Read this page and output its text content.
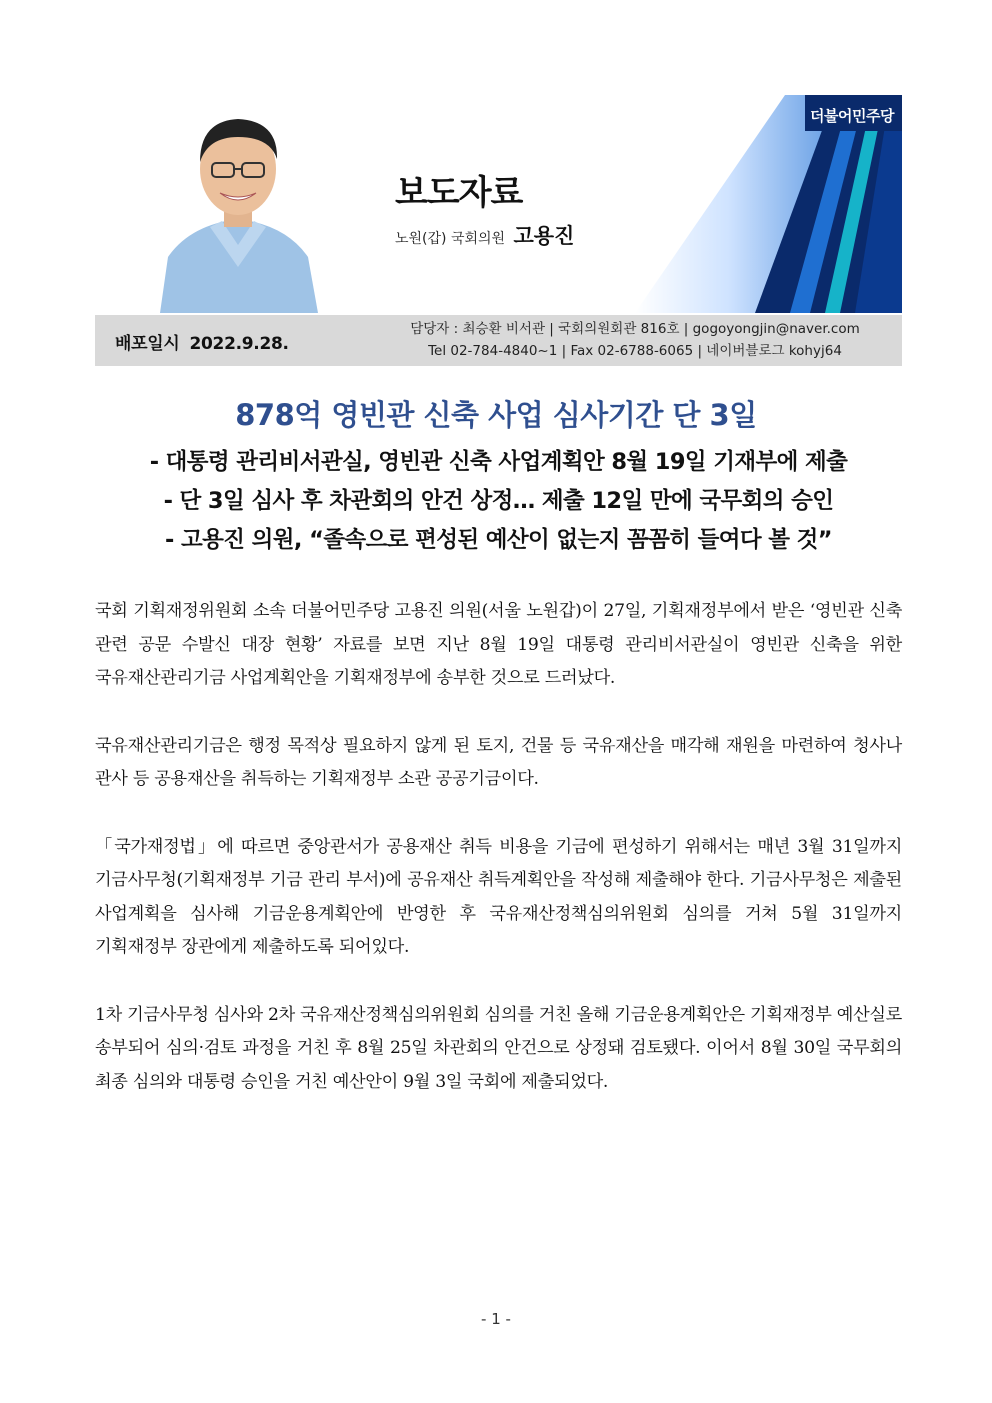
보도자료
노원(갑) 국회의원 고용진
더불어민주당
배포일시 2022.9.28.
담당자 : 최승환 비서관 | 국회의원회관 816호 | gogoyongjin@naver.com
Tel 02-784-4840~1 | Fax 02-6788-6065 | 네이버블로그 kohyj64
878억 영빈관 신축 사업 심사기간 단 3일
- 대통령 관리비서관실, 영빈관 신축 사업계획안 8월 19일 기재부에 제출
- 단 3일 심사 후 차관회의 안건 상정… 제출 12일 만에 국무회의 승인
- 고용진 의원, “졸속으로 편성된 예산이 없는지 꼼꼼히 들여다 볼 것”

국회 기획재정위원회 소속 더불어민주당 고용진 의원(서울 노원갑)이 27일, 기획재정부에서 받은 ‘영빈관 신축 관련 공문 수발신 대장 현황’ 자료를 보면 지난 8월 19일 대통령 관리비서관실이 영빈관 신축을 위한 국유재산관리기금 사업계획안을 기획재정부에 송부한 것으로 드러났다.

국유재산관리기금은 행정 목적상 필요하지 않게 된 토지, 건물 등 국유재산을 매각해 재원을 마련하여 청사나 관사 등 공용재산을 취득하는 기획재정부 소관 공공기금이다.

「국가재정법」에 따르면 중앙관서가 공용재산 취득 비용을 기금에 편성하기 위해서는 매년 3월 31일까지 기금사무청(기획재정부 기금 관리 부서)에 공유재산 취득계획안을 작성해 제출해야 한다. 기금사무청은 제출된 사업계획을 심사해 기금운용계획안에 반영한 후 국유재산정책심의위원회 심의를 거쳐 5월 31일까지 기획재정부 장관에게 제출하도록 되어있다.

1차 기금사무청 심사와 2차 국유재산정책심의위원회 심의를 거친 올해 기금운용계획안은 기획재정부 예산실로 송부되어 심의·검토 과정을 거친 후 8월 25일 차관회의 안건으로 상정돼 검토됐다. 이어서 8월 30일 국무회의 최종 심의와 대통령 승인을 거친 예산안이 9월 3일 국회에 제출되었다.

- 1 -
